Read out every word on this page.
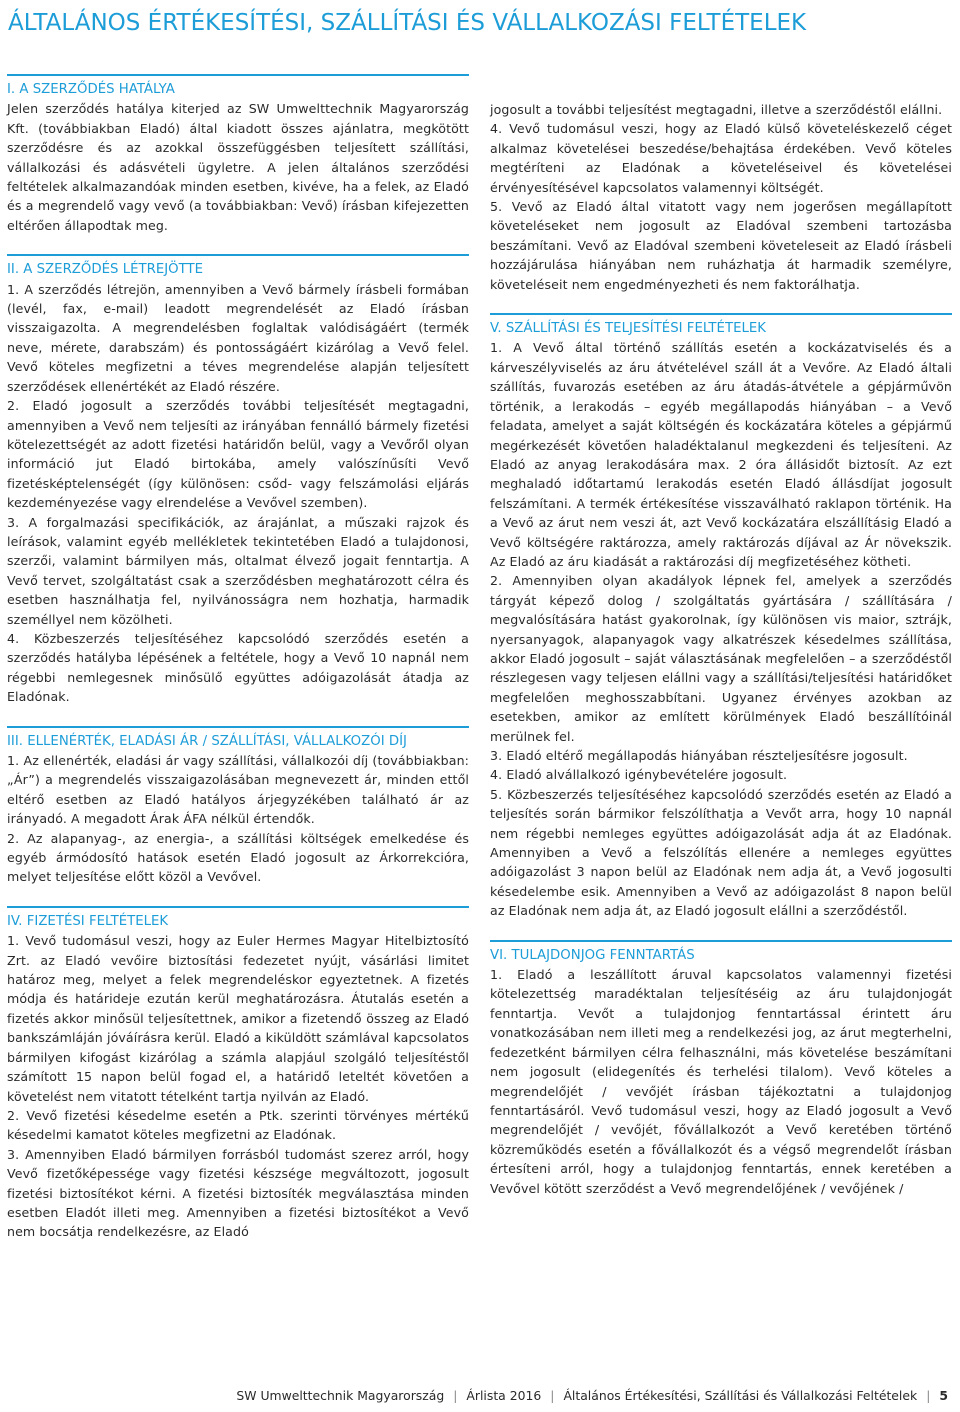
ÁLTALÁNOS ÉRTÉKESÍTÉSI, SZÁLLÍTÁSI ÉS VÁLLALKOZÁSI FELTÉTELEK
I. A SZERZŐDÉS HATÁLYA

Jelen szerződés hatálya kiterjed az SW Umwelttechnik Magyarország Kft. (továbbiakban Eladó) által kiadott összes ajánlatra, megkötött szerződésre és az azokkal összefüggésben teljesített szállítási, vállalkozási és adásvételi ügyletre. A jelen általános szerződési feltételek alkalmazandóak minden esetben, kivéve, ha a felek, az Eladó és a megrendelő vagy vevő (a továbbiakban: Vevő) írásban kifejezetten eltérően állapodtak meg.

II. A SZERZŐDÉS LÉTREJÖTTE

1. A szerződés létrejön, amennyiben a Vevő bármely írásbeli formában (levél, fax, e-mail) leadott megrendelését az Eladó írásban visszaigazolta. A megrendelésben foglaltak valódiságáért (termék neve, mérete, darabszám) és pontosságáért kizárólag a Vevő felel. Vevő köteles megfizetni a téves megrendelése alapján teljesített szerződések ellenértékét az Eladó részére.

2. Eladó jogosult a szerződés további teljesítését megtagadni, amennyiben a Vevő nem teljesíti az irányában fennálló bármely fizetési kötelezettségét az adott fizetési határidőn belül, vagy a Vevőről olyan információ jut Eladó birtokába, amely valószínűsíti Vevő fizetésképtelenségét (így különösen: csőd- vagy felszámolási eljárás kezdeményezése vagy elrendelése a Vevővel szemben).

3. A forgalmazási specifikációk, az árajánlat, a műszaki rajzok és leírások, valamint egyéb mellékletek tekintetében Eladó a tulajdonosi, szerzői, valamint bármilyen más, oltalmat élvező jogait fenntartja. A Vevő tervet, szolgáltatást csak a szerződésben meghatározott célra és esetben használhatja fel, nyilvánosságra nem hozhatja, harmadik személlyel nem közölheti.

4. Közbeszerzés teljesítéséhez kapcsolódó szerződés esetén a szerződés hatályba lépésének a feltétele, hogy a Vevő 10 napnál nem régebbi nemlegesnek minősülő együttes adóigazolását átadja az Eladónak.

III. ELLENÉRTÉK, ELADÁSI ÁR / SZÁLLÍTÁSI, VÁLLALKOZÓI DÍJ

1. Az ellenérték, eladási ár vagy szállítási, vállalkozói díj (továbbiakban: „Ár”) a megrendelés visszaigazolásában megnevezett ár, minden ettől eltérő esetben az Eladó hatályos árjegyzékében található ár az irányadó. A megadott Árak ÁFA nélkül értendők.

2. Az alapanyag-, az energia-, a szállítási költségek emelkedése és egyéb ármódosító hatások esetén Eladó jogosult az Árkorrekcióra, melyet teljesítése előtt közöl a Vevővel.

IV. FIZETÉSI FELTÉTELEK

1. Vevő tudomásul veszi, hogy az Euler Hermes Magyar Hitelbiztosító Zrt. az Eladó vevőire biztosítási fedezetet nyújt, vásárlási limitet határoz meg, melyet a felek megrendeléskor egyeztetnek. A fizetés módja és határideje ezután kerül meghatározásra. Átutalás esetén a fizetés akkor minősül teljesítettnek, amikor a fizetendő összeg az Eladó bankszámláján jóváírásra kerül. Eladó a kiküldött számlával kapcsolatos bármilyen kifogást kizárólag a számla alapjául szolgáló teljesítéstől számított 15 napon belül fogad el, a határidő leteltét követően a követelést nem vitatott tételként tartja nyilván az Eladó.

2. Vevő fizetési késedelme esetén a Ptk. szerinti törvényes mértékű késedelmi kamatot köteles megfizetni az Eladónak.

3. Amennyiben Eladó bármilyen forrásból tudomást szerez arról, hogy Vevő fizetőképessége vagy fizetési készsége megváltozott, jogosult fizetési biztosítékot kérni. A fizetési biztosíték megválasztása minden esetben Eladót illeti meg. Amennyiben a fizetési biztosítékot a Vevő nem bocsátja rendelkezésre, az Eladó

jogosult a további teljesítést megtagadni, illetve a szerződéstől elállni.

4. Vevő tudomásul veszi, hogy az Eladó külső követeléskezelő céget alkalmaz követelései beszedése/behajtása érdekében. Vevő köteles megtéríteni az Eladónak a követeléseivel és követelései érvényesítésével kapcsolatos valamennyi költségét.

5. Vevő az Eladó által vitatott vagy nem jogerősen megállapított követeléseket nem jogosult az Eladóval szembeni tartozásba beszámítani. Vevő az Eladóval szembeni követeleseit az Eladó írásbeli hozzájárulása hiányában nem ruházhatja át harmadik személyre, követeléseit nem engedményezheti és nem faktorálhatja.

V. SZÁLLÍTÁSI ÉS TELJESÍTÉSI FELTÉTELEK

1. A Vevő által történő szállítás esetén a kockázatviselés és a kárveszélyviselés az áru átvételével száll át a Vevőre. Az Eladó általi szállítás, fuvarozás esetében az áru átadás-átvétele a gépjárművön történik, a lerakodás – egyéb megállapodás hiányában – a Vevő feladata, amelyet a saját költségén és kockázatára köteles a gépjármű megérkezését követően haladéktalanul megkezdeni és teljesíteni. Az Eladó az anyag lerakodására max. 2 óra állásidőt biztosít. Az ezt meghaladó időtartamú lerakodás esetén Eladó állásdíjat jogosult felszámítani. A termék értékesítése visszaválható raklapon történik. Ha a Vevő az árut nem veszi át, azt Vevő kockázatára elszállításig Eladó a Vevő költségére raktározza, amely raktározás díjával az Ár növekszik. Az Eladó az áru kiadását a raktározási díj megfizetéséhez kötheti.

2. Amennyiben olyan akadályok lépnek fel, amelyek a szerződés tárgyát képező dolog / szolgáltatás gyártására / szállítására / megvalósítására hatást gyakorolnak, így különösen vis maior, sztrájk, nyersanyagok, alapanyagok vagy alkatrészek késedelmes szállítása, akkor Eladó jogosult – saját választásának megfelelően – a szerződéstől részlegesen vagy teljesen elállni vagy a szállítási/teljesítési határidőket megfelelően meghosszabbítani. Ugyanez érvényes azokban az esetekben, amikor az említett körülmények Eladó beszállítóinál merülnek fel.

3. Eladó eltérő megállapodás hiányában részteljesítésre jogosult.

4. Eladó alvállalkozó igénybevételére jogosult.

5. Közbeszerzés teljesítéséhez kapcsolódó szerződés esetén az Eladó a teljesítés során bármikor felszólíthatja a Vevőt arra, hogy 10 napnál nem régebbi nemleges együttes adóigazolását adja át az Eladónak. Amennyiben a Vevő a felszólítás ellenére a nemleges együttes adóigazolást 3 napon belül az Eladónak nem adja át, a Vevő jogosulti késedelembe esik. Amennyiben a Vevő az adóigazolást 8 napon belül az Eladónak nem adja át, az Eladó jogosult elállni a szerződéstől.

VI. TULAJDONJOG FENNTARTÁS

1. Eladó a leszállított áruval kapcsolatos valamennyi fizetési kötelezettség maradéktalan teljesítéséig az áru tulajdonjogát fenntartja. Vevőt a tulajdonjog fenntartással érintett áru vonatkozásában nem illeti meg a rendelkezési jog, az árut megterhelni, fedezetként bármilyen célra felhasználni, más követelése beszámítani nem jogosult (elidegenítés és terhelési tilalom). Vevő köteles a megrendelőjét / vevőjét írásban tájékoztatni a tulajdonjog fenntartásáról. Vevő tudomásul veszi, hogy az Eladó jogosult a Vevő megrendelőjét / vevőjét, fővállalkozót a Vevő keretében történő közreműködés esetén a fővállalkozót és a végső megrendelőt írásban értesíteni arról, hogy a tulajdonjog fenntartás, ennek keretében a Vevővel kötött szerződést a Vevő megrendelőjének / vevőjének /

SW Umwelttechnik Magyarország | Árlista 2016 | Általános Értékesítési, Szállítási és Vállalkozási Feltételek | 5
